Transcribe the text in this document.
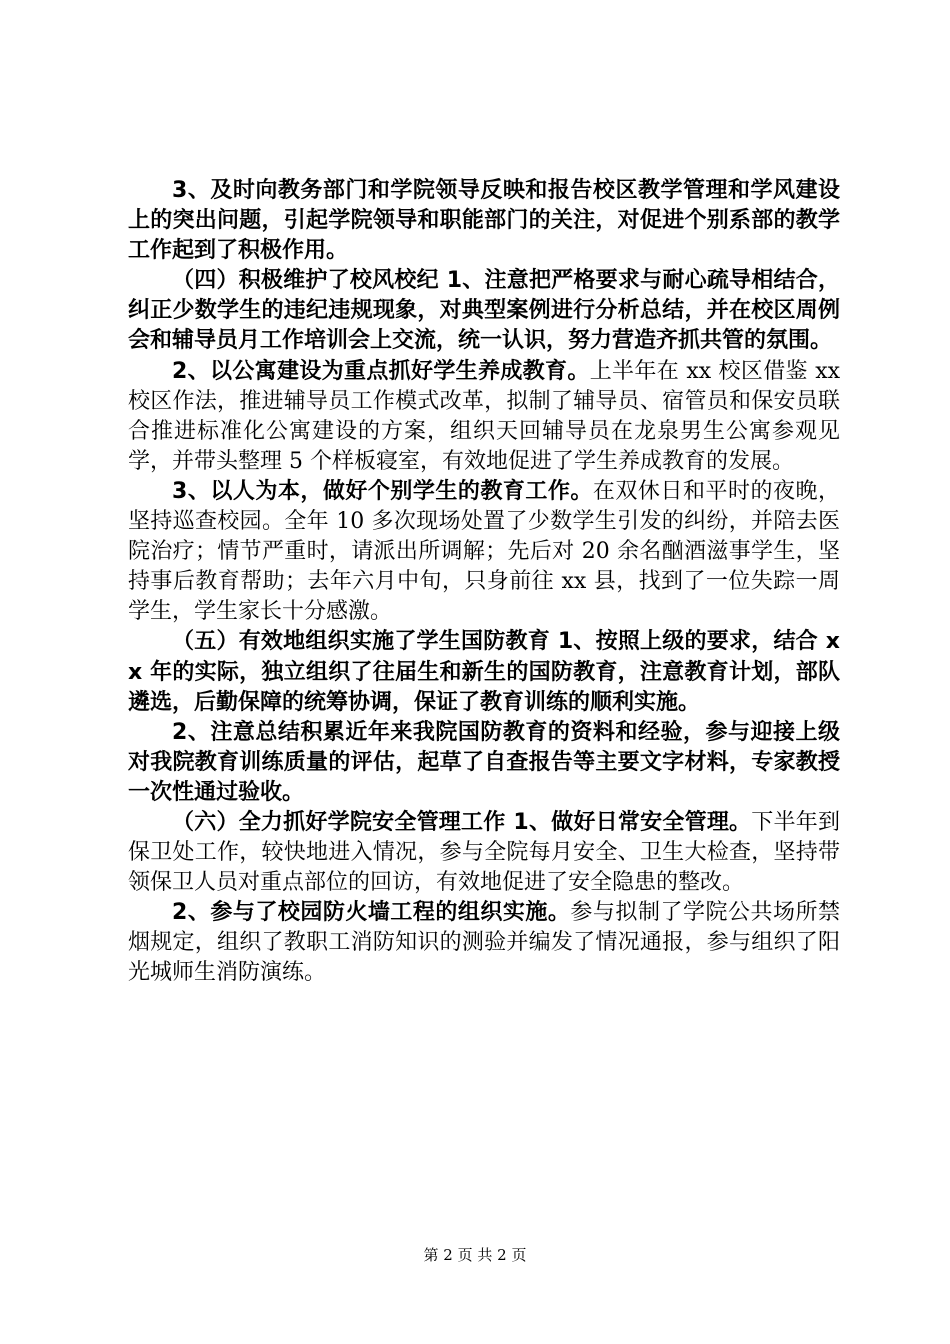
3、及时向教务部门和学院领导反映和报告校区教学管理和学风建设上的突出问题，引起学院领导和职能部门的关注，对促进个别系部的教学工作起到了积极作用。

（四）积极维护了校风校纪 1、注意把严格要求与耐心疏导相结合，纠正少数学生的违纪违规现象，对典型案例进行分析总结，并在校区周例会和辅导员月工作培训会上交流，统一认识，努力营造齐抓共管的氛围。

2、以公寓建设为重点抓好学生养成教育。上半年在 xx 校区借鉴 xx 校区作法，推进辅导员工作模式改革，拟制了辅导员、宿管员和保安员联合推进标准化公寓建设的方案，组织天回辅导员在龙泉男生公寓参观见学，并带头整理 5 个样板寝室，有效地促进了学生养成教育的发展。

3、以人为本，做好个别学生的教育工作。在双休日和平时的夜晚，坚持巡查校园。全年 10 多次现场处置了少数学生引发的纠纷，并陪去医院治疗；情节严重时，请派出所调解；先后对 20 余名酗酒滋事学生，坚持事后教育帮助；去年六月中旬，只身前往 xx 县，找到了一位失踪一周学生，学生家长十分感激。

（五）有效地组织实施了学生国防教育 1、按照上级的要求，结合 xx 年的实际，独立组织了往届生和新生的国防教育，注意教育计划，部队遴选，后勤保障的统筹协调，保证了教育训练的顺利实施。

2、注意总结积累近年来我院国防教育的资料和经验，参与迎接上级对我院教育训练质量的评估，起草了自查报告等主要文字材料，专家教授一次性通过验收。

（六）全力抓好学院安全管理工作 1、做好日常安全管理。下半年到保卫处工作，较快地进入情况，参与全院每月安全、卫生大检查，坚持带领保卫人员对重点部位的回访，有效地促进了安全隐患的整改。

2、参与了校园防火墙工程的组织实施。参与拟制了学院公共场所禁烟规定，组织了教职工消防知识的测验并编发了情况通报，参与组织了阳光城师生消防演练。

第 2 页 共 2 页
